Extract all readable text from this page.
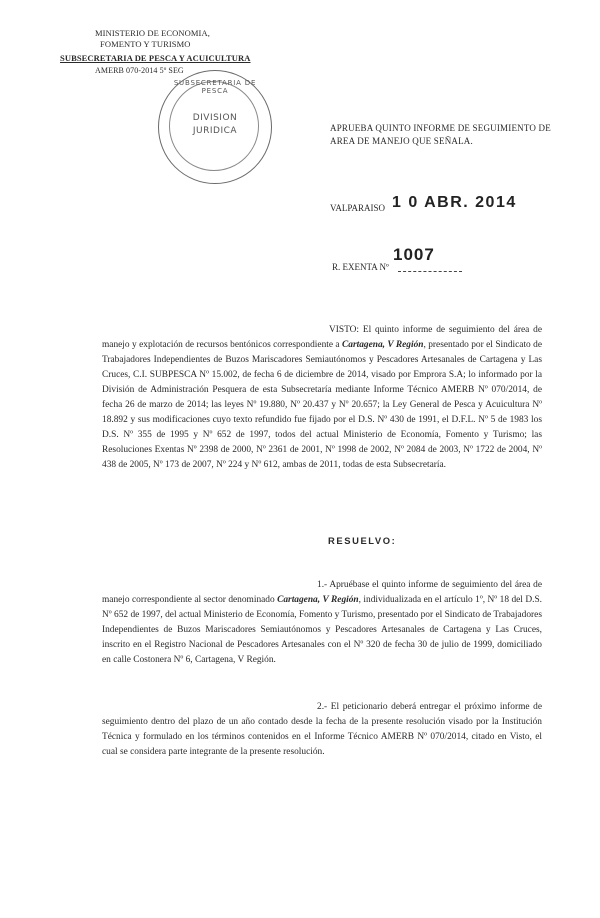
MINISTERIO DE ECONOMIA,
FOMENTO Y TURISMO
SUBSECRETARIA DE PESCA Y ACUICULTURA
AMERB 070-2014 5º SEG
SUBSECRETARIA DE PESCA
DIVISION
JURIDICA	APRUEBA QUINTO INFORME DE SEGUIMIENTO DE
AREA DE MANEJO QUE SEÑALA.
VALPARAISO 1 0 ABR. 2014
1007
R. EXENTA Nº
VISTO: El quinto informe de seguimiento del área de manejo y explotación de recursos bentónicos correspondiente a Cartagena, V Región, presentado por el Sindicato de Trabajadores Independientes de Buzos Mariscadores Semiautónomos y Pescadores Artesanales de Cartagena y Las Cruces, C.I. SUBPESCA Nº 15.002, de fecha 6 de diciembre de 2014, visado por Emprora S.A; lo informado por la División de Administración Pesquera de esta Subsecretaría mediante Informe Técnico AMERB Nº 070/2014, de fecha 26 de marzo de 2014; las leyes Nº 19.880, Nº 20.437 y Nº 20.657; la Ley General de Pesca y Acuicultura Nº 18.892 y sus modificaciones cuyo texto refundido fue fijado por el D.S. Nº 430 de 1991, el D.F.L. Nº 5 de 1983 los D.S. Nº 355 de 1995 y Nº 652 de 1997, todos del actual Ministerio de Economía, Fomento y Turismo; las Resoluciones Exentas Nº 2398 de 2000, Nº 2361 de 2001, Nº 1998 de 2002, Nº 2084 de 2003, Nº 1722 de 2004, Nº 438 de 2005, Nº 173 de 2007, Nº 224 y Nº 612, ambas de 2011, todas de esta Subsecretaría.
RESUELVO:
1.- Apruébase el quinto informe de seguimiento del área de manejo correspondiente al sector denominado Cartagena, V Región, individualizada en el artículo 1º, Nº 18 del D.S. Nº 652 de 1997, del actual Ministerio de Economía, Fomento y Turismo, presentado por el Sindicato de Trabajadores Independientes de Buzos Mariscadores Semiautónomos y Pescadores Artesanales de Cartagena y Las Cruces, inscrito en el Registro Nacional de Pescadores Artesanales con el Nº 320 de fecha 30 de julio de 1999, domiciliado en calle Costonera Nº 6, Cartagena, V Región.
2.- El peticionario deberá entregar el próximo informe de seguimiento dentro del plazo de un año contado desde la fecha de la presente resolución visado por la Institución Técnica y formulado en los términos contenidos en el Informe Técnico AMERB Nº 070/2014, citado en Visto, el cual se considera parte integrante de la presente resolución.
